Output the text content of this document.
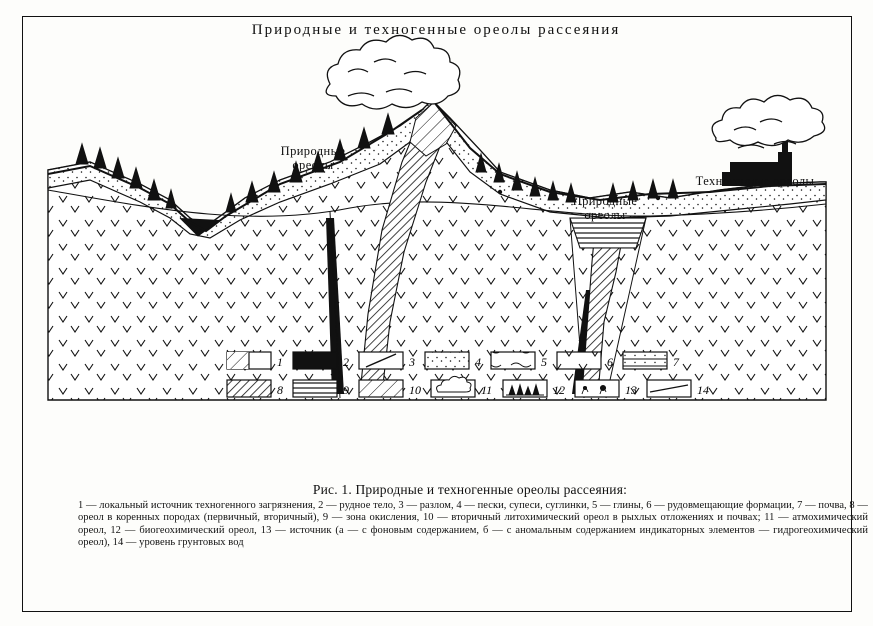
Природные и техногенные ореолы рассеяния
Природные
ореолы
Природные
ореолы
Техногенные ореолы
1	2	3	4	5	6	7
8	9	10	11	12	13	14
Рис. 1. Природные и техногенные ореолы рассеяния:
1 — локальный источник техногенного загрязнения, 2 — рудное тело, 3 — разлом, 4 — пески, супеси, суглинки, 5 — глины, 6 — рудовмещающие формации, 7 — почва, 8 — ореол в коренных породах (первичный, вторичный), 9 — зона окисления, 10 — вторичный литохимический ореол в рыхлых отложениях и почвах; 11 — атмохимический ореол, 12 — биогеохимический ореол, 13 — источник (а — с фоновым содержанием, б — с аномальным содержанием индикаторных элементов — гидрогеохимический ореол), 14 — уровень грунтовых вод
